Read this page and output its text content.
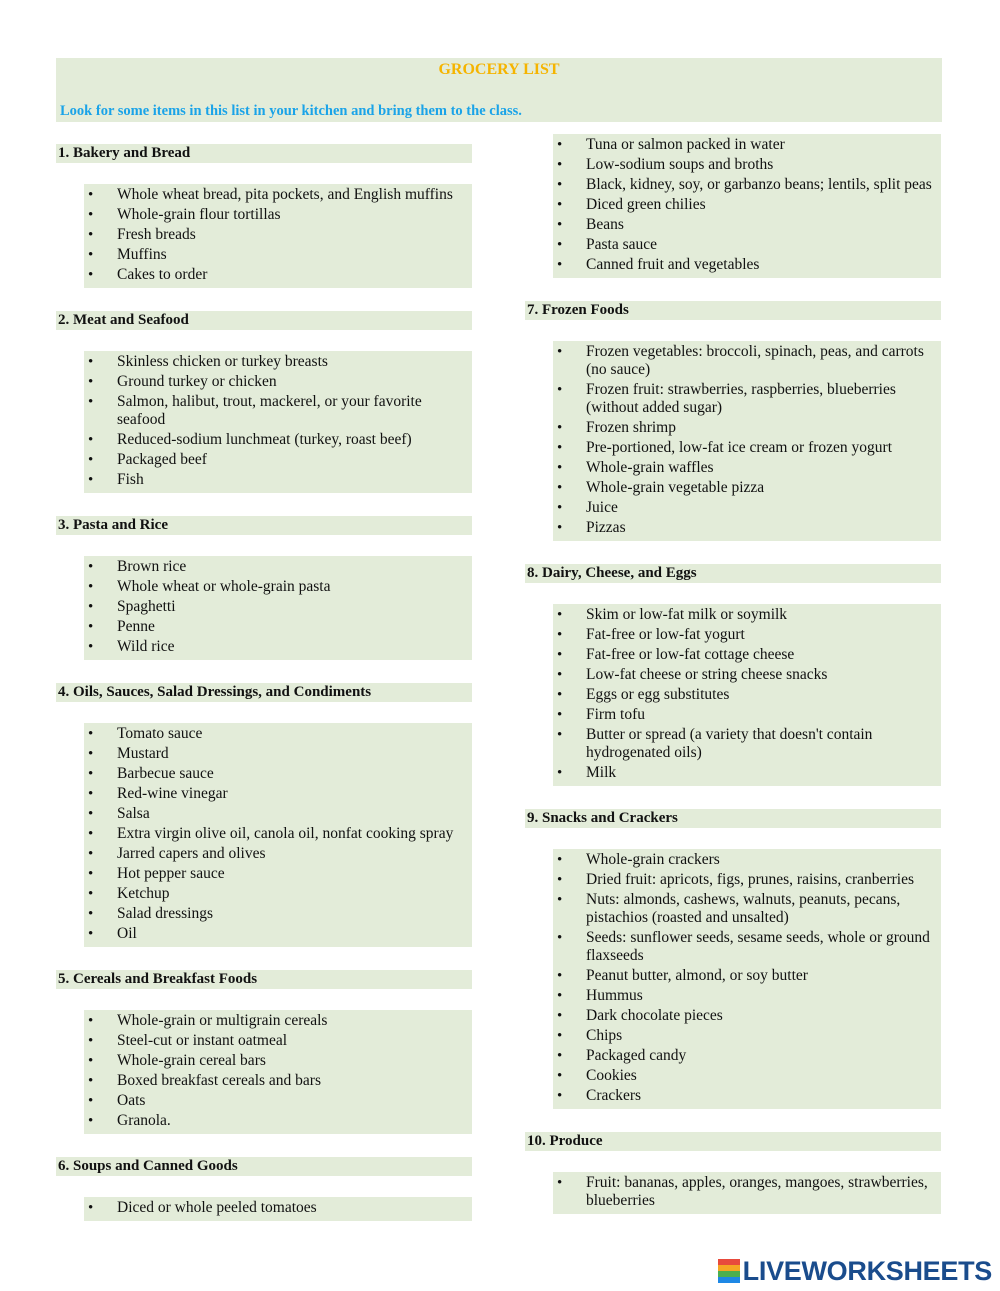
GROCERY LIST
Look for some items in this list in your kitchen and bring them to the class.
1. Bakery and Bread
• Whole wheat bread, pita pockets, and English muffins
• Whole-grain flour tortillas
• Fresh breads
• Muffins
• Cakes to order
2. Meat and Seafood
• Skinless chicken or turkey breasts
• Ground turkey or chicken
• Salmon, halibut, trout, mackerel, or your favorite seafood
• Reduced-sodium lunchmeat (turkey, roast beef)
• Packaged beef
• Fish
3. Pasta and Rice
• Brown rice
• Whole wheat or whole-grain pasta
• Spaghetti
• Penne
• Wild rice
4. Oils, Sauces, Salad Dressings, and Condiments
• Tomato sauce
• Mustard
• Barbecue sauce
• Red-wine vinegar
• Salsa
• Extra virgin olive oil, canola oil, nonfat cooking spray
• Jarred capers and olives
• Hot pepper sauce
• Ketchup
• Salad dressings
• Oil
5. Cereals and Breakfast Foods
• Whole-grain or multigrain cereals
• Steel-cut or instant oatmeal
• Whole-grain cereal bars
• Boxed breakfast cereals and bars
• Oats
• Granola.
6. Soups and Canned Goods
• Diced or whole peeled tomatoes
• Tuna or salmon packed in water
• Low-sodium soups and broths
• Black, kidney, soy, or garbanzo beans; lentils, split peas
• Diced green chilies
• Beans
• Pasta sauce
• Canned fruit and vegetables
7. Frozen Foods
• Frozen vegetables: broccoli, spinach, peas, and carrots (no sauce)
• Frozen fruit: strawberries, raspberries, blueberries (without added sugar)
• Frozen shrimp
• Pre-portioned, low-fat ice cream or frozen yogurt
• Whole-grain waffles
• Whole-grain vegetable pizza
• Juice
• Pizzas
8. Dairy, Cheese, and Eggs
• Skim or low-fat milk or soymilk
• Fat-free or low-fat yogurt
• Fat-free or low-fat cottage cheese
• Low-fat cheese or string cheese snacks
• Eggs or egg substitutes
• Firm tofu
• Butter or spread (a variety that doesn't contain hydrogenated oils)
• Milk
9. Snacks and Crackers
• Whole-grain crackers
• Dried fruit: apricots, figs, prunes, raisins, cranberries
• Nuts: almonds, cashews, walnuts, peanuts, pecans, pistachios (roasted and unsalted)
• Seeds: sunflower seeds, sesame seeds, whole or ground flaxseeds
• Peanut butter, almond, or soy butter
• Hummus
• Dark chocolate pieces
• Chips
• Packaged candy
• Cookies
• Crackers
10. Produce
• Fruit: bananas, apples, oranges, mangoes, strawberries, blueberries
LIVEWORKSHEETS
